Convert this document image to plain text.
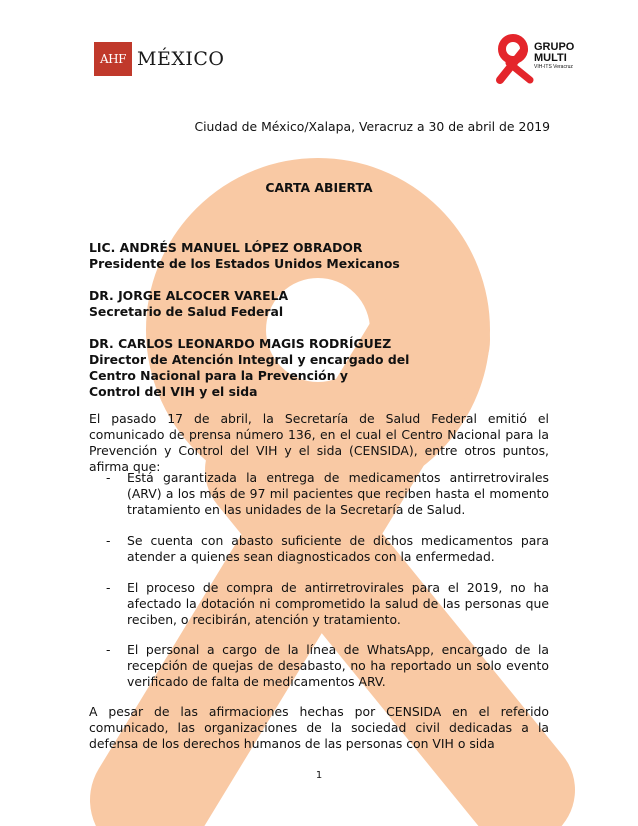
AHF MÉXICO
GRUPO
MULTI
VIH-ITS Veracruz

Ciudad de México/Xalapa, Veracruz a 30 de abril de 2019

CARTA ABIERTA

LIC. ANDRÉS MANUEL LÓPEZ OBRADOR
Presidente de los Estados Unidos Mexicanos
DR. JORGE ALCOCER VARELA
Secretario de Salud Federal
DR. CARLOS LEONARDO MAGIS RODRÍGUEZ
Director de Atención Integral y encargado del
Centro Nacional para la Prevención y
Control del VIH y el sida

El pasado 17 de abril, la Secretaría de Salud Federal emitió el comunicado de prensa número 136, en el cual el Centro Nacional para la Prevención y Control del VIH y el sida (CENSIDA), entre otros puntos, afirma que:

-	Está garantizada la entrega de medicamentos antirretrovirales (ARV) a los más de 97 mil pacientes que reciben hasta el momento tratamiento en las unidades de la Secretaría de Salud.
-	Se cuenta con abasto suficiente de dichos medicamentos para atender a quienes sean diagnosticados con la enfermedad.
-	El proceso de compra de antirretrovirales para el 2019, no ha afectado la dotación ni comprometido la salud de las personas que reciben, o recibirán, atención y tratamiento.
-	El personal a cargo de la línea de WhatsApp, encargado de la recepción de quejas de desabasto, no ha reportado un solo evento verificado de falta de medicamentos ARV.

A pesar de las afirmaciones hechas por CENSIDA en el referido comunicado, las organizaciones de la sociedad civil dedicadas a la defensa de los derechos humanos de las personas con VIH o sida

1
